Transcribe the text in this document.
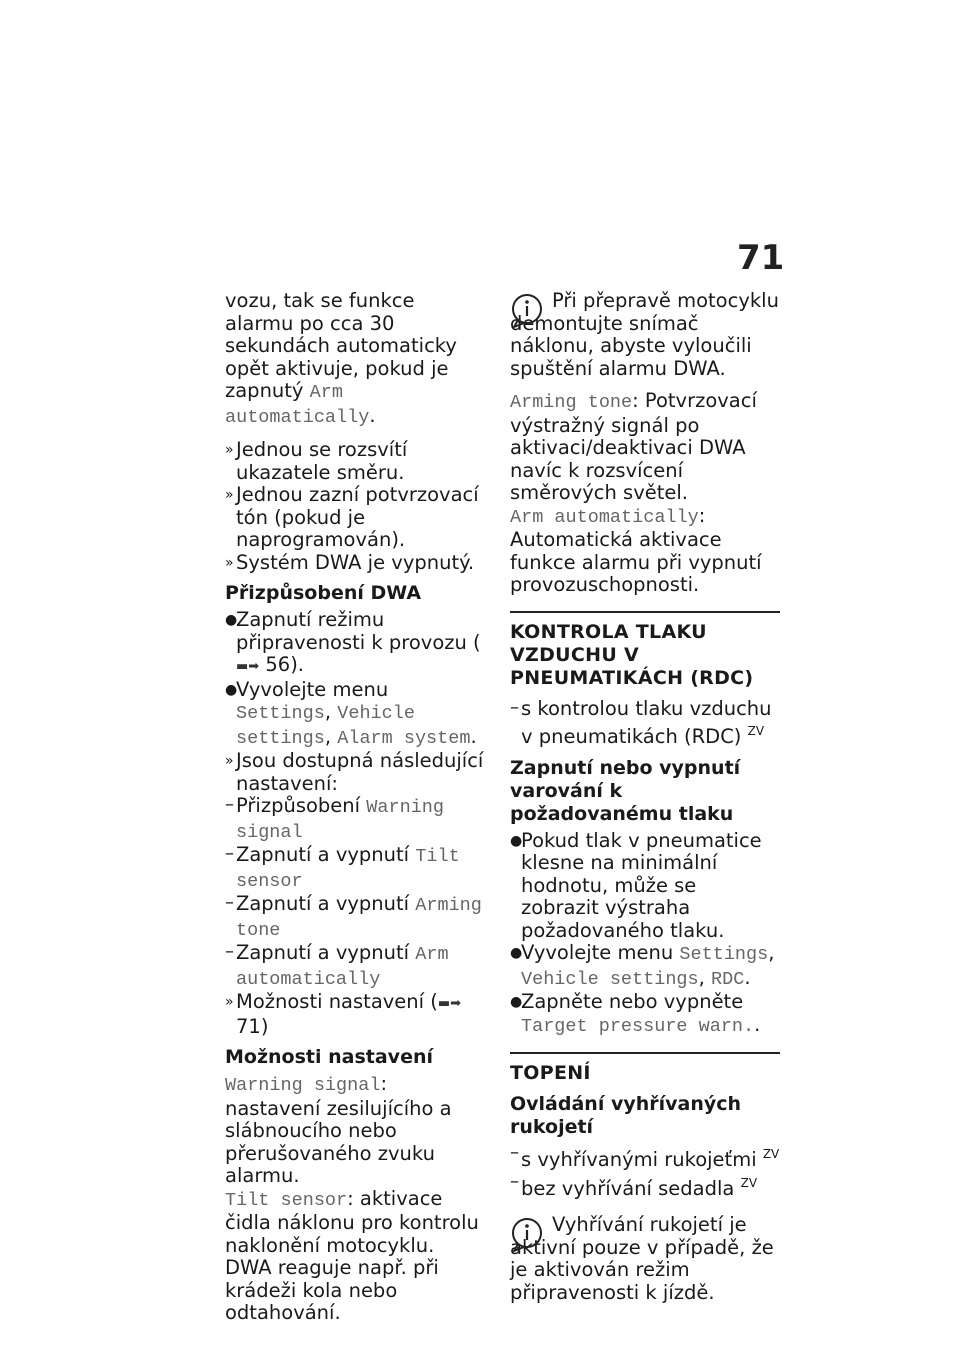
71

vozu, tak se funkce alarmu po cca 30 sekundách automaticky opět aktivuje, pokud je zapnutý Arm automatically.

» Jednou se rozsvítí ukazatele směru.
» Jednou zazní potvrzovací tón (pokud je naprogramován).
» Systém DWA je vypnutý.
Přizpůsobení DWA
●
Zapnutí režimu připravenosti k provozu (▬➡ 56).
●
Vyvolejte menu Settings, Vehicle settings, Alarm system.
» Jsou dostupná následující nastavení:
– Přizpůsobení Warning signal
– Zapnutí a vypnutí Tilt sensor
– Zapnutí a vypnutí Arming tone
– Zapnutí a vypnutí Arm automatically
» Možnosti nastavení (▬➡ 71)
Možnosti nastavení

Warning signal: nastavení zesilujícího a slábnoucího nebo přerušovaného zvuku alarmu.
Tilt sensor: aktivace čidla náklonu pro kontrolu naklonění motocyklu. DWA reaguje např. při krádeži kola nebo odtahování.

Při přepravě motocyklu demontujte snímač náklonu, abyste vyloučili spuštění alarmu DWA.

Arming tone: Potvrzovací výstražný signál po aktivaci/deaktivaci DWA navíc k rozsvícení směrových světel.
Arm automatically: Automatická aktivace funkce alarmu při vypnutí provozuschopnosti.

KONTROLA TLAKU VZDUCHU V PNEUMATIKÁCH (RDC)
– s kontrolou tlaku vzduchu v pneumatikách (RDC) $^{ZV}$
Zapnutí nebo vypnutí varování k požadovanému tlaku
●
Pokud tlak v pneumatice klesne na minimální hodnotu, může se zobrazit výstraha požadovaného tlaku.
●
Vyvolejte menu Settings, Vehicle settings, RDC.
●
Zapněte nebo vypněte Target pressure warn..
TOPENÍ
Ovládání vyhřívaných rukojetí
– s vyhřívanými rukojeťmi $^{ZV}$
– bez vyhřívání sedadla $^{ZV}$
Vyhřívání rukojetí je aktivní pouze v případě, že je aktivován režim připravenosti k jízdě.
